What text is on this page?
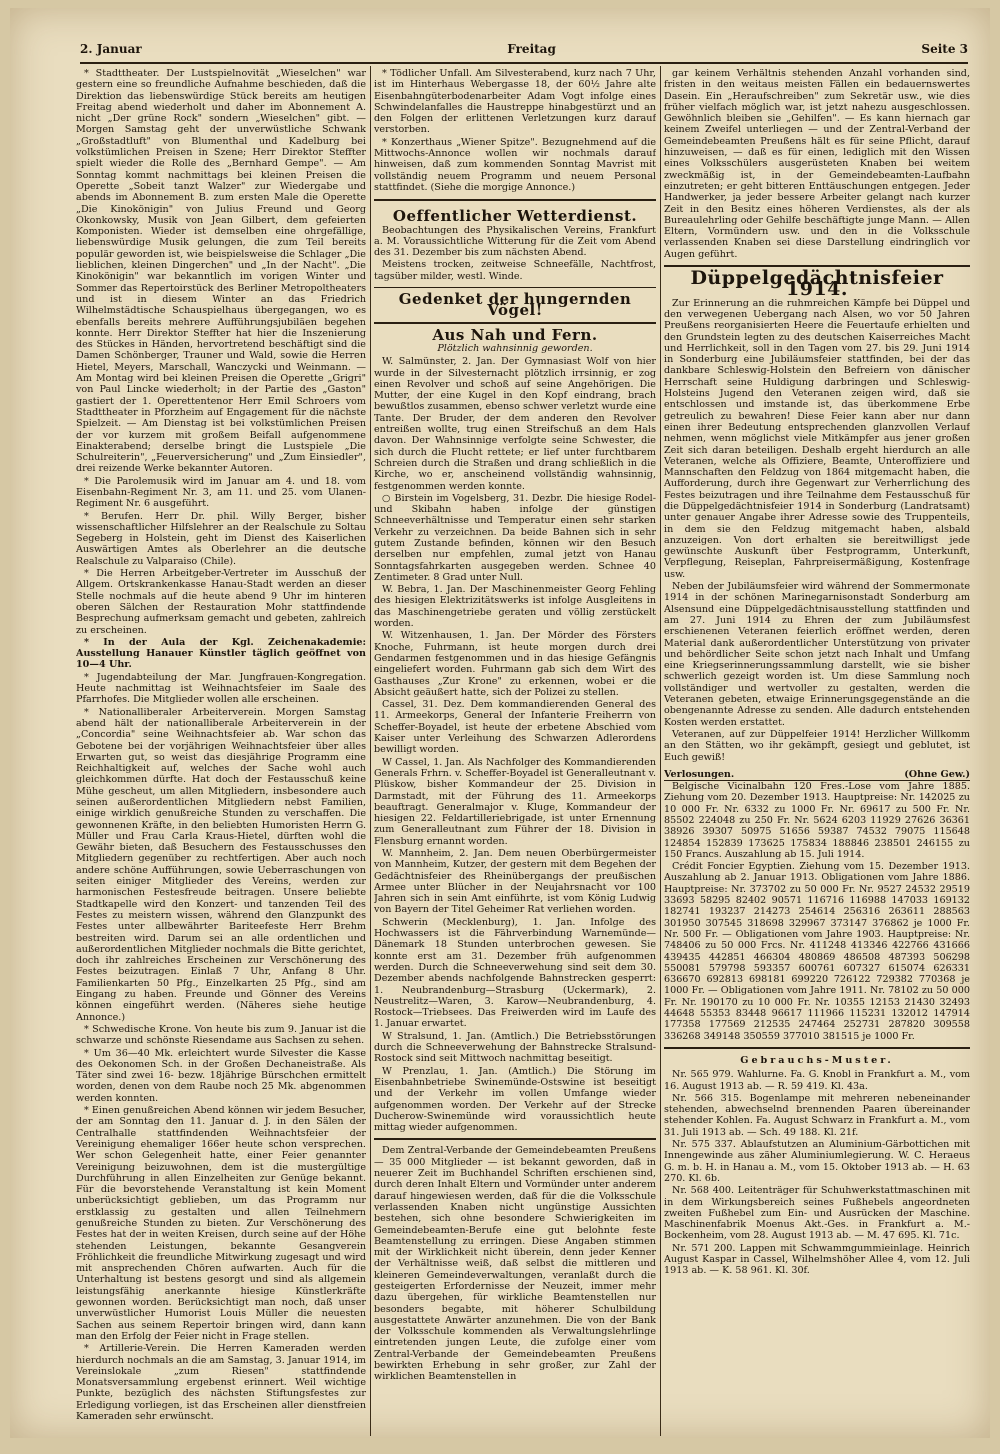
2. Januar	Freitag	Seite 3

* Stadttheater. Der Lustspielnovität „Wieselchen" war gestern eine so freundliche Aufnahme beschieden, daß die Direktion das liebenswürdige Stück bereits am heutigen Freitag abend wiederholt und daher im Abonnement A. nicht „Der grüne Rock" sondern „Wieselchen" gibt. — Morgen Samstag geht der unverwüstliche Schwank „Großstadtluft" von Blumenthal und Kadelburg bei volkstümlichen Preisen in Szene; Herr Direktor Steffter spielt wieder die Rolle des „Bernhard Gempe". — Am Sonntag kommt nachmittags bei kleinen Preisen die Operette „Sobeit tanzt Walzer" zur Wiedergabe und abends im Abonnement B. zum ersten Male die Operette „Die Kinokönigin" von Julius Freund und Georg Okonkowsky, Musik von Jean Gilbert, dem gefeierten Komponisten. Wieder ist demselben eine ohrgefällige, liebenswürdige Musik gelungen, die zum Teil bereits populär geworden ist, wie beispielsweise die Schlager „Die lieblichen, kleinen Dingerchen" und „In der Nacht". „Die Kinokönigin" war bekanntlich im vorigen Winter und Sommer das Repertoirstück des Berliner Metropoltheaters und ist in diesem Winter an das Friedrich Wilhelmstädtische Schauspielhaus übergegangen, wo es ebenfalls bereits mehrere Aufführungsjubiläen begehen konnte. Herr Direktor Steffter hat hier die Inszenierung des Stückes in Händen, hervortretend beschäftigt sind die Damen Schönberger, Trauner und Wald, sowie die Herren Hietel, Meyers, Marschall, Wanczycki und Weinmann. — Am Montag wird bei kleinen Preisen die Operette „Grigri" von Paul Lincke wiederholt; in der Partie des „Gaston" gastiert der 1. Operettentenor Herr Emil Schroers vom Stadttheater in Pforzheim auf Engagement für die nächste Spielzeit. — Am Dienstag ist bei volkstümlichen Preisen der vor kurzem mit großem Beifall aufgenommene Einakterabend; derselbe bringt die Lustspiele „Die Schulreiterin", „Feuerversicherung" und „Zum Einsiedler", drei reizende Werke bekannter Autoren.

* Die Parolemusik wird im Januar am 4. und 18. vom Eisenbahn-Regiment Nr. 3, am 11. und 25. vom Ulanen-Regiment Nr. 6 ausgeführt.

* Berufen. Herr Dr. phil. Willy Berger, bisher wissenschaftlicher Hilfslehrer an der Realschule zu Soltau Segeberg in Holstein, geht im Dienst des Kaiserlichen Auswärtigen Amtes als Oberlehrer an die deutsche Realschule zu Valparaiso (Chile).

* Die Herren Arbeitgeber-Vertreter im Ausschuß der Allgem. Ortskrankenkasse Hanau-Stadt werden an dieser Stelle nochmals auf die heute abend 9 Uhr im hinteren oberen Sälchen der Restauration Mohr stattfindende Besprechung aufmerksam gemacht und gebeten, zahlreich zu erscheinen.

* In der Aula der Kgl. Zeichenakademie: Ausstellung Hanauer Künstler täglich geöffnet von 10—4 Uhr.

* Jugendabteilung der Mar. Jungfrauen-Kongregation. Heute nachmittag ist Weihnachtsfeier im Saale des Pfarrhofes. Die Mitglieder wollen alle erscheinen.

* Nationalliberaler Arbeiterverein. Morgen Samstag abend hält der nationalliberale Arbeiterverein in der „Concordia" seine Weihnachtsfeier ab. War schon das Gebotene bei der vorjährigen Weihnachtsfeier über alles Erwarten gut, so weist das diesjährige Programm eine Reichhaltigkeit auf, welches der Sache wohl auch gleichkommen dürfte. Hat doch der Festausschuß keine Mühe gescheut, um allen Mitgliedern, insbesondere auch seinen außerordentlichen Mitgliedern nebst Familien, einige wirklich genußreiche Stunden zu verschaffen. Die gewonnenen Kräfte, in den beliebten Humoristen Herrn G. Müller und Frau Carla Kraus-Hietel, dürften wohl die Gewähr bieten, daß Besuchern des Festausschusses den Mitgliedern gegenüber zu rechtfertigen. Aber auch noch andere schöne Aufführungen, sowie Ueberraschungen von seiten einiger Mitglieder des Vereins, werden zur harmonischen Festesfreude beitragen. Unsere beliebte Stadtkapelle wird den Konzert- und tanzenden Teil des Festes zu meistern wissen, während den Glanzpunkt des Festes unter allbewährter Bariteefeste Herr Brehm bestreiten wird. Darum sei an alle ordentlichen und außerordentlichen Mitglieder nochmals die Bitte gerichtet, doch ihr zahlreiches Erscheinen zur Verschönerung des Festes beizutragen. Einlaß 7 Uhr, Anfang 8 Uhr. Familienkarten 50 Pfg., Einzelkarten 25 Pfg., sind am Eingang zu haben. Freunde und Gönner des Vereins können eingeführt werden. (Näheres siehe heutige Annonce.)

* Schwedische Krone. Von heute bis zum 9. Januar ist die schwarze und schönste Riesendame aus Sachsen zu sehen.

* Um 36—40 Mk. erleichtert wurde Silvester die Kasse des Oekonomen Sch. in der Großen Dechaneistraße. Als Täter sind zwei 16- bezw. 18jährige Bürschchen ermittelt worden, denen von dem Raube noch 25 Mk. abgenommen werden konnten.

* Einen genußreichen Abend können wir jedem Besucher, der am Sonntag den 11. Januar d. J. in den Sälen der Centralhalle stattfindenden Weihnachtsfeier der Vereinigung ehemaliger 166er heute schon versprechen. Wer schon Gelegenheit hatte, einer Feier genannter Vereinigung beizuwohnen, dem ist die mustergültige Durchführung in allen Einzelheiten zur Genüge bekannt. Für die bevorstehende Veranstaltung ist kein Moment unberücksichtigt geblieben, um das Programm nur erstklassig zu gestalten und allen Teilnehmern genußreiche Stunden zu bieten. Zur Verschönerung des Festes hat der in weiten Kreisen, durch seine auf der Höhe stehenden Leistungen, bekannte Gesangverein Fröhlichkeit die freundliche Mitwirkung zugesagt und wird mit ansprechenden Chören aufwarten. Auch für die Unterhaltung ist bestens gesorgt und sind als allgemein leistungsfähig anerkannte hiesige Künstlerkräfte gewonnen worden. Berücksichtigt man noch, daß unser unverwüstlicher Humorist Louis Müller die neuesten Sachen aus seinem Repertoir bringen wird, dann kann man den Erfolg der Feier nicht in Frage stellen.

* Artillerie-Verein. Die Herren Kameraden werden hierdurch nochmals an die am Samstag, 3. Januar 1914, im Vereinslokale „zum Riesen" stattfindende Monatsversammlung ergebenst erinnert. Weil wichtige Punkte, bezüglich des nächsten Stiftungsfestes zur Erledigung vorliegen, ist das Erscheinen aller dienstfreien Kameraden sehr erwünscht.

* Tödlicher Unfall. Am Silvesterabend, kurz nach 7 Uhr, ist im Hinterhaus Webergasse 18, der 60½ Jahre alte Eisenbahngüterbodenarbeiter Adam Vogt infolge eines Schwindelanfalles die Haustreppe hinabgestürzt und an den Folgen der erlittenen Verletzungen kurz darauf verstorben.

* Konzerthaus „Wiener Spitze". Bezugnehmend auf die Mittwochs-Annonce wollen wir nochmals darauf hinweisen, daß zum kommenden Sonntag Mavrist mit vollständig neuem Programm und neuem Personal stattfindet. (Siehe die morgige Annonce.)

Oeffentlicher Wetterdienst.

Beobachtungen des Physikalischen Vereins, Frankfurt a. M. Voraussichtliche Witterung für die Zeit vom Abend des 31. Dezember bis zum nächsten Abend.

Meistens trocken, zeitweise Schneefälle, Nachtfrost, tagsüber milder, westl. Winde.

Gedenket der hungernden Vögel!
Aus Nah und Fern.
Plötzlich wahnsinnig geworden.

W. Salmünster, 2. Jan. Der Gymnasiast Wolf von hier wurde in der Silvesternacht plötzlich irrsinnig, er zog einen Revolver und schoß auf seine Angehörigen. Die Mutter, der eine Kugel in den Kopf eindrang, brach bewußtlos zusammen, ebenso schwer verletzt wurde eine Tante. Der Bruder, der dem anderen den Revolver entreißen wollte, trug einen Streifschuß an dem Hals davon. Der Wahnsinnige verfolgte seine Schwester, die sich durch die Flucht rettete; er lief unter furchtbarem Schreien durch die Straßen und drang schließlich in die Kirche, wo er, anscheinend vollständig wahnsinnig, festgenommen werden konnte.

○ Birstein im Vogelsberg, 31. Dezbr. Die hiesige Rodel- und Skibahn haben infolge der günstigen Schneeverhältnisse und Temperatur einen sehr starken Verkehr zu verzeichnen. Da beide Bahnen sich in sehr gutem Zustande befinden, können wir den Besuch derselben nur empfehlen, zumal jetzt von Hanau Sonntagsfahrkarten ausgegeben werden. Schnee 40 Zentimeter. 8 Grad unter Null.

W. Bebra, 1. Jan. Der Maschinenmeister Georg Fehling des hiesigen Elektrizitätswerks ist infolge Ausgleitens in das Maschinengetriebe geraten und völlig zerstückelt worden.

W. Witzenhausen, 1. Jan. Der Mörder des Försters Knoche, Fuhrmann, ist heute morgen durch drei Gendarmen festgenommen und in das hiesige Gefängnis eingeliefert worden. Fuhrmann gab sich dem Wirt des Gasthauses „Zur Krone" zu erkennen, wobei er die Absicht geäußert hatte, sich der Polizei zu stellen.

Cassel, 31. Dez. Dem kommandierenden General des 11. Armeekorps, General der Infanterie Freiherrn von Scheffer-Boyadel, ist heute der erbetene Abschied vom Kaiser unter Verleihung des Schwarzen Adlerordens bewilligt worden.

W Cassel, 1. Jan. Als Nachfolger des Kommandierenden Generals Frhrn. v. Scheffer-Boyadel ist Generalleutnant v. Plüskow, bisher Kommandeur der 25. Division in Darmstadt, mit der Führung des 11. Armeekorps beauftragt. Generalmajor v. Kluge, Kommandeur der hiesigen 22. Feldartilleriebrigade, ist unter Ernennung zum Generalleutnant zum Führer der 18. Division in Flensburg ernannt worden.

W. Mannheim, 2. Jan. Dem neuen Oberbürgermeister von Mannheim, Kutzer, der gestern mit dem Begehen der Gedächtnisfeier des Rheinübergangs der preußischen Armee unter Blücher in der Neujahrsnacht vor 100 Jahren sich in sein Amt einführte, ist vom König Ludwig von Bayern der Titel Geheimer Rat verliehen worden.

Schwerin (Mecklenburg), 1. Jan. Infolge des Hochwassers ist die Fährverbindung Warnemünde—Dänemark 18 Stunden unterbrochen gewesen. Sie konnte erst am 31. Dezember früh aufgenommen werden. Durch die Schneeverwehung sind seit dem 30. Dezember abends nachfolgende Bahnstrecken gesperrt: 1. Neubrandenburg—Strasburg (Uckermark), 2. Neustrelitz—Waren, 3. Karow—Neubrandenburg, 4. Rostock—Triebsees. Das Freiwerden wird im Laufe des 1. Januar erwartet.

W Stralsund, 1. Jan. (Amtlich.) Die Betriebsstörungen durch die Schneeverwehung der Bahnstrecke Stralsund-Rostock sind seit Mittwoch nachmittag beseitigt.

W Prenzlau, 1. Jan. (Amtlich.) Die Störung im Eisenbahnbetriebe Swinemünde-Ostswine ist beseitigt und der Verkehr im vollen Umfange wieder aufgenommen worden. Der Verkehr auf der Strecke Ducherow-Swinemünde wird voraussichtlich heute mittag wieder aufgenommen.

Dem Zentral-Verbande der Gemeindebeamten Preußens — 35 000 Mitglieder — ist bekannt geworden, daß in neuerer Zeit im Buchhandel Schriften erschienen sind, durch deren Inhalt Eltern und Vormünder unter anderem darauf hingewiesen werden, daß für die die Volksschule verlassenden Knaben nicht ungünstige Aussichten bestehen, sich ohne besondere Schwierigkeiten im Gemeindebeamten-Berufe eine gut belohnte feste Beamtenstellung zu erringen. Diese Angaben stimmen mit der Wirklichkeit nicht überein, denn jeder Kenner der Verhältnisse weiß, daß selbst die mittleren und kleineren Gemeindeverwaltungen, veranlaßt durch die gesteigerten Erfordernisse der Neuzeit, immer mehr dazu übergehen, für wirkliche Beamtenstellen nur besonders begabte, mit höherer Schulbildung ausgestattete Anwärter anzunehmen. Die von der Bank der Volksschule kommenden als Verwaltungslehrlinge eintretenden jungen Leute, die zufolge einer vom Zentral-Verbande der Gemeindebeamten Preußens bewirkten Erhebung in sehr großer, zur Zahl der wirklichen Beamtenstellen in

gar keinem Verhältnis stehenden Anzahl vorhanden sind, fristen in den weitaus meisten Fällen ein bedauernswertes Dasein. Ein „Heraufschreiben" zum Sekretär usw., wie dies früher vielfach möglich war, ist jetzt nahezu ausgeschlossen. Gewöhnlich bleiben sie „Gehilfen". — Es kann hiernach gar keinem Zweifel unterliegen — und der Zentral-Verband der Gemeindebeamten Preußens hält es für seine Pflicht, darauf hinzuweisen, — daß es für einen, lediglich mit den Wissen eines Volksschülers ausgerüsteten Knaben bei weitem zweckmäßig ist, in der Gemeindebeamten-Laufbahn einzutreten; er geht bitteren Enttäuschungen entgegen. Jeder Handwerker, ja jeder bessere Arbeiter gelangt nach kurzer Zeit in den Besitz eines höheren Verdienstes, als der als Bureaulehrling oder Gehilfe beschäftigte junge Mann. — Allen Eltern, Vormündern usw. und den in die Volksschule verlassenden Knaben sei diese Darstellung eindringlich vor Augen geführt.

Düppelgedächtnisfeier 1914.

Zur Erinnerung an die ruhmreichen Kämpfe bei Düppel und den verwegenen Uebergang nach Alsen, wo vor 50 Jahren Preußens reorganisierten Heere die Feuertaufe erhielten und den Grundstein legten zu des deutschen Kaiserreiches Macht und Herrlichkeit, soll in den Tagen vom 27. bis 29. Juni 1914 in Sonderburg eine Jubiläumsfeier stattfinden, bei der das dankbare Schleswig-Holstein den Befreiern von dänischer Herrschaft seine Huldigung darbringen und Schleswig-Holsteins Jugend den Veteranen zeigen wird, daß sie entschlossen und imstande ist, das überkommene Erbe getreulich zu bewahren! Diese Feier kann aber nur dann einen ihrer Bedeutung entsprechenden glanzvollen Verlauf nehmen, wenn möglichst viele Mitkämpfer aus jener großen Zeit sich daran beteiligen. Deshalb ergeht hierdurch an alle Veteranen, welche als Offiziere, Beamte, Unteroffiziere und Mannschaften den Feldzug von 1864 mitgemacht haben, die Aufforderung, durch ihre Gegenwart zur Verherrlichung des Festes beizutragen und ihre Teilnahme dem Festausschuß für die Düppelgedächtnisfeier 1914 in Sonderburg (Landratsamt) unter genauer Angabe ihrer Adresse sowie des Truppenteils, in dem sie den Feldzug mitgemacht haben, alsbald anzuzeigen. Von dort erhalten sie bereitwilligst jede gewünschte Auskunft über Festprogramm, Unterkunft, Verpflegung, Reiseplan, Fahrpreisermäßigung, Kostenfrage usw.

Neben der Jubiläumsfeier wird während der Sommermonate 1914 in der schönen Marinegarnisonstadt Sonderburg am Alsensund eine Düppelgedächtnisausstellung stattfinden und am 27. Juni 1914 zu Ehren der zum Jubiläumsfest erschienenen Veteranen feierlich eröffnet werden, deren Material dank außerordentlicher Unterstützung von privater und behördlicher Seite schon jetzt nach Inhalt und Umfang eine Kriegserinnerungssammlung darstellt, wie sie bisher schwerlich gezeigt worden ist. Um diese Sammlung noch vollständiger und wertvoller zu gestalten, werden die Veteranen gebeten, etwaige Erinnerungsgegenstände an die obengenannte Adresse zu senden. Alle dadurch entstehenden Kosten werden erstattet.

Veteranen, auf zur Düppelfeier 1914! Herzlicher Willkomm an den Stätten, wo ihr gekämpft, gesiegt und geblutet, ist Euch gewiß!

Verlosungen.	(Ohne Gew.)

Belgische Vicinalbahn 120 Fres.-Lose vom Jahre 1885. Ziehung vom 20. Dezember 1913. Hauptpreise: Nr. 142025 zu 10 000 Fr. Nr. 6332 zu 1000 Fr. Nr. 69617 zu 500 Fr. Nr. 85502 224048 zu 250 Fr. Nr. 5624 6203 11929 27626 36361 38926 39307 50975 51656 59387 74532 79075 115648 124854 152839 173625 175834 188846 238501 246155 zu 150 Francs. Auszahlung ab 15. Juli 1914.

Crédit Foncier Egyptien. Ziehung vom 15. Dezember 1913. Auszahlung ab 2. Januar 1913. Obligationen vom Jahre 1886. Hauptpreise: Nr. 373702 zu 50 000 Fr. Nr. 9527 24532 29519 33693 58295 82402 90571 116716 116988 147033 169132 182741 193237 214273 254614 256316 263611 288563 301950 307545 318698 329967 373147 376862 je 1000 Fr. Nr. 500 Fr. — Obligationen vom Jahre 1903. Hauptpreise: Nr. 748406 zu 50 000 Frcs. Nr. 411248 413346 422766 431666 439435 442851 466304 480869 486508 487393 506298 550081 579798 593357 600761 607327 615074 626331 636670 692813 698181 699220 726122 729382 770368 je 1000 Fr. — Obligationen vom Jahre 1911. Nr. 78102 zu 50 000 Fr. Nr. 190170 zu 10 000 Fr. Nr. 10355 12153 21430 32493 44648 55353 83448 96617 111966 115231 132012 147914 177358 177569 212535 247464 252731 287820 309558 336268 349148 350559 377010 381515 je 1000 Fr.

Gebrauchs-Muster.

Nr. 565 979. Wahlurne. Fa. G. Knobl in Frankfurt a. M., vom 16. August 1913 ab. — R. 59 419. Kl. 43a.

Nr. 566 315. Bogenlampe mit mehreren nebeneinander stehenden, abwechselnd brennenden Paaren übereinander stehender Kohlen. Fa. August Schwarz in Frankfurt a. M., vom 31. Juli 1913 ab. — Sch. 49 188. Kl. 21f.

Nr. 575 337. Ablaufstutzen an Aluminium-Gärbottichen mit Innengewinde aus zäher Aluminiumlegierung. W. C. Heraeus G. m. b. H. in Hanau a. M., vom 15. Oktober 1913 ab. — H. 63 270. Kl. 6b.

Nr. 568 400. Leitenträger für Schuhwerkstattmaschinen mit in dem Wirkungsbereich seines Fußhebels angeordneten zweiten Fußhebel zum Ein- und Ausrücken der Maschine. Maschinenfabrik Moenus Akt.-Ges. in Frankfurt a. M.-Bockenheim, vom 28. August 1913 ab. — M. 47 695. Kl. 71c.

Nr. 571 200. Lappen mit Schwammgummieinlage. Heinrich August Kaspar in Cassel, Wilhelmshöher Allee 4, vom 12. Juli 1913 ab. — K. 58 961. Kl. 30f.
